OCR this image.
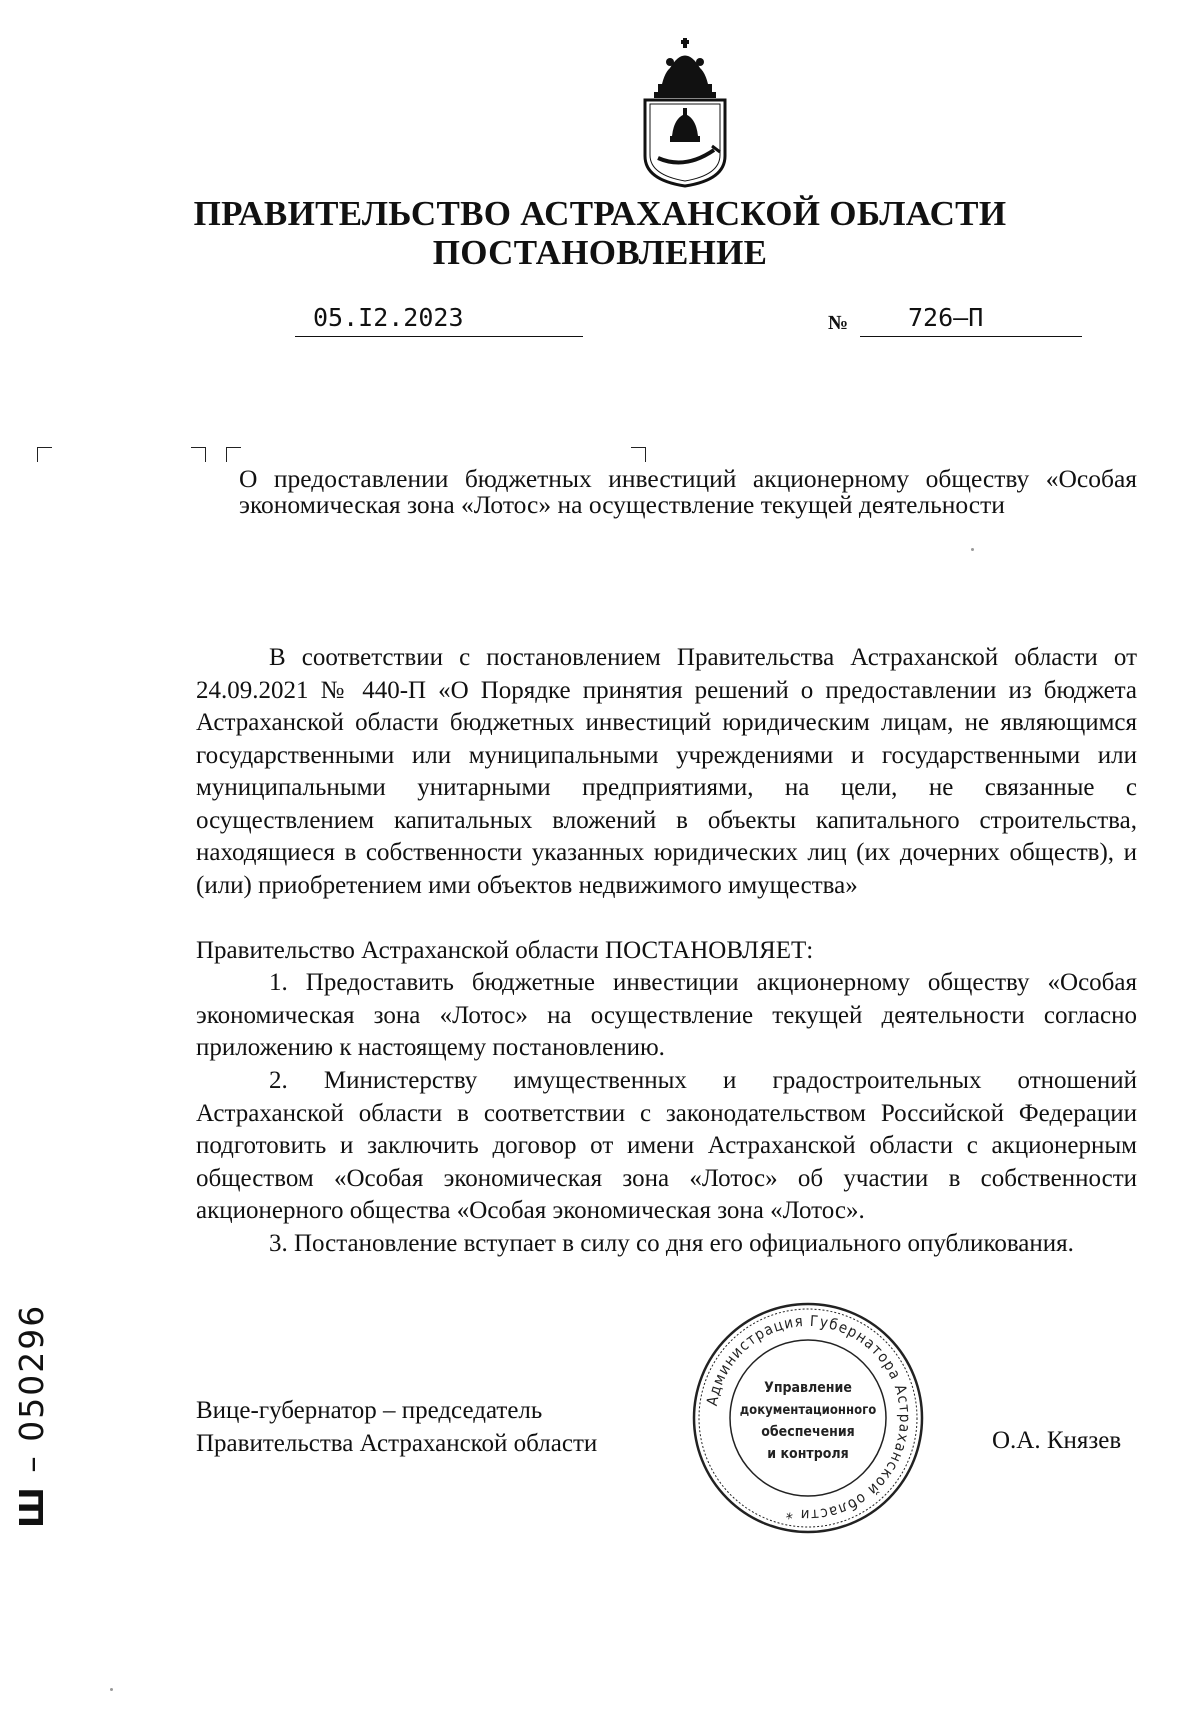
ПРАВИТЕЛЬСТВО АСТРАХАНСКОЙ ОБЛАСТИ
ПОСТАНОВЛЕНИЕ
05.I2.2023	№	726–П
О предоставлении бюджетных инвестиций акционерному обществу «Особая экономическая зона «Лотос» на осуществление текущей деятельности
В соответствии с постановлением Правительства Астраханской области от 24.09.2021 № 440-П «О Порядке принятия решений о предоставлении из бюджета Астраханской области бюджетных инвестиций юридическим лицам, не являющимся государственными или муниципальными учреждениями и государственными или муниципальными унитарными предприятиями, на цели, не связанные с осуществлением капитальных вложений в объекты капитального строительства, находящиеся в собственности указанных юридических лиц (их дочерних обществ), и (или) приобретением ими объектов недвижимого имущества»
Правительство Астраханской области ПОСТАНОВЛЯЕТ:
1. Предоставить бюджетные инвестиции акционерному обществу «Особая экономическая зона «Лотос» на осуществление текущей деятельности согласно приложению к настоящему постановлению.
2. Министерству имущественных и градостроительных отношений Астраханской области в соответствии с законодательством Российской Федерации подготовить и заключить договор от имени Астраханской области с акционерным обществом «Особая экономическая зона «Лотос» об участии в собственности акционерного общества «Особая экономическая зона «Лотос».
3. Постановление вступает в силу со дня его официального опубликования.
Вице-губернатор – председатель
Правительства Астраханской области	О.А. Князев
Администрация Губернатора Астраханской области *
Управление
документационного
обеспечения
и контроля
Ш – 050296
